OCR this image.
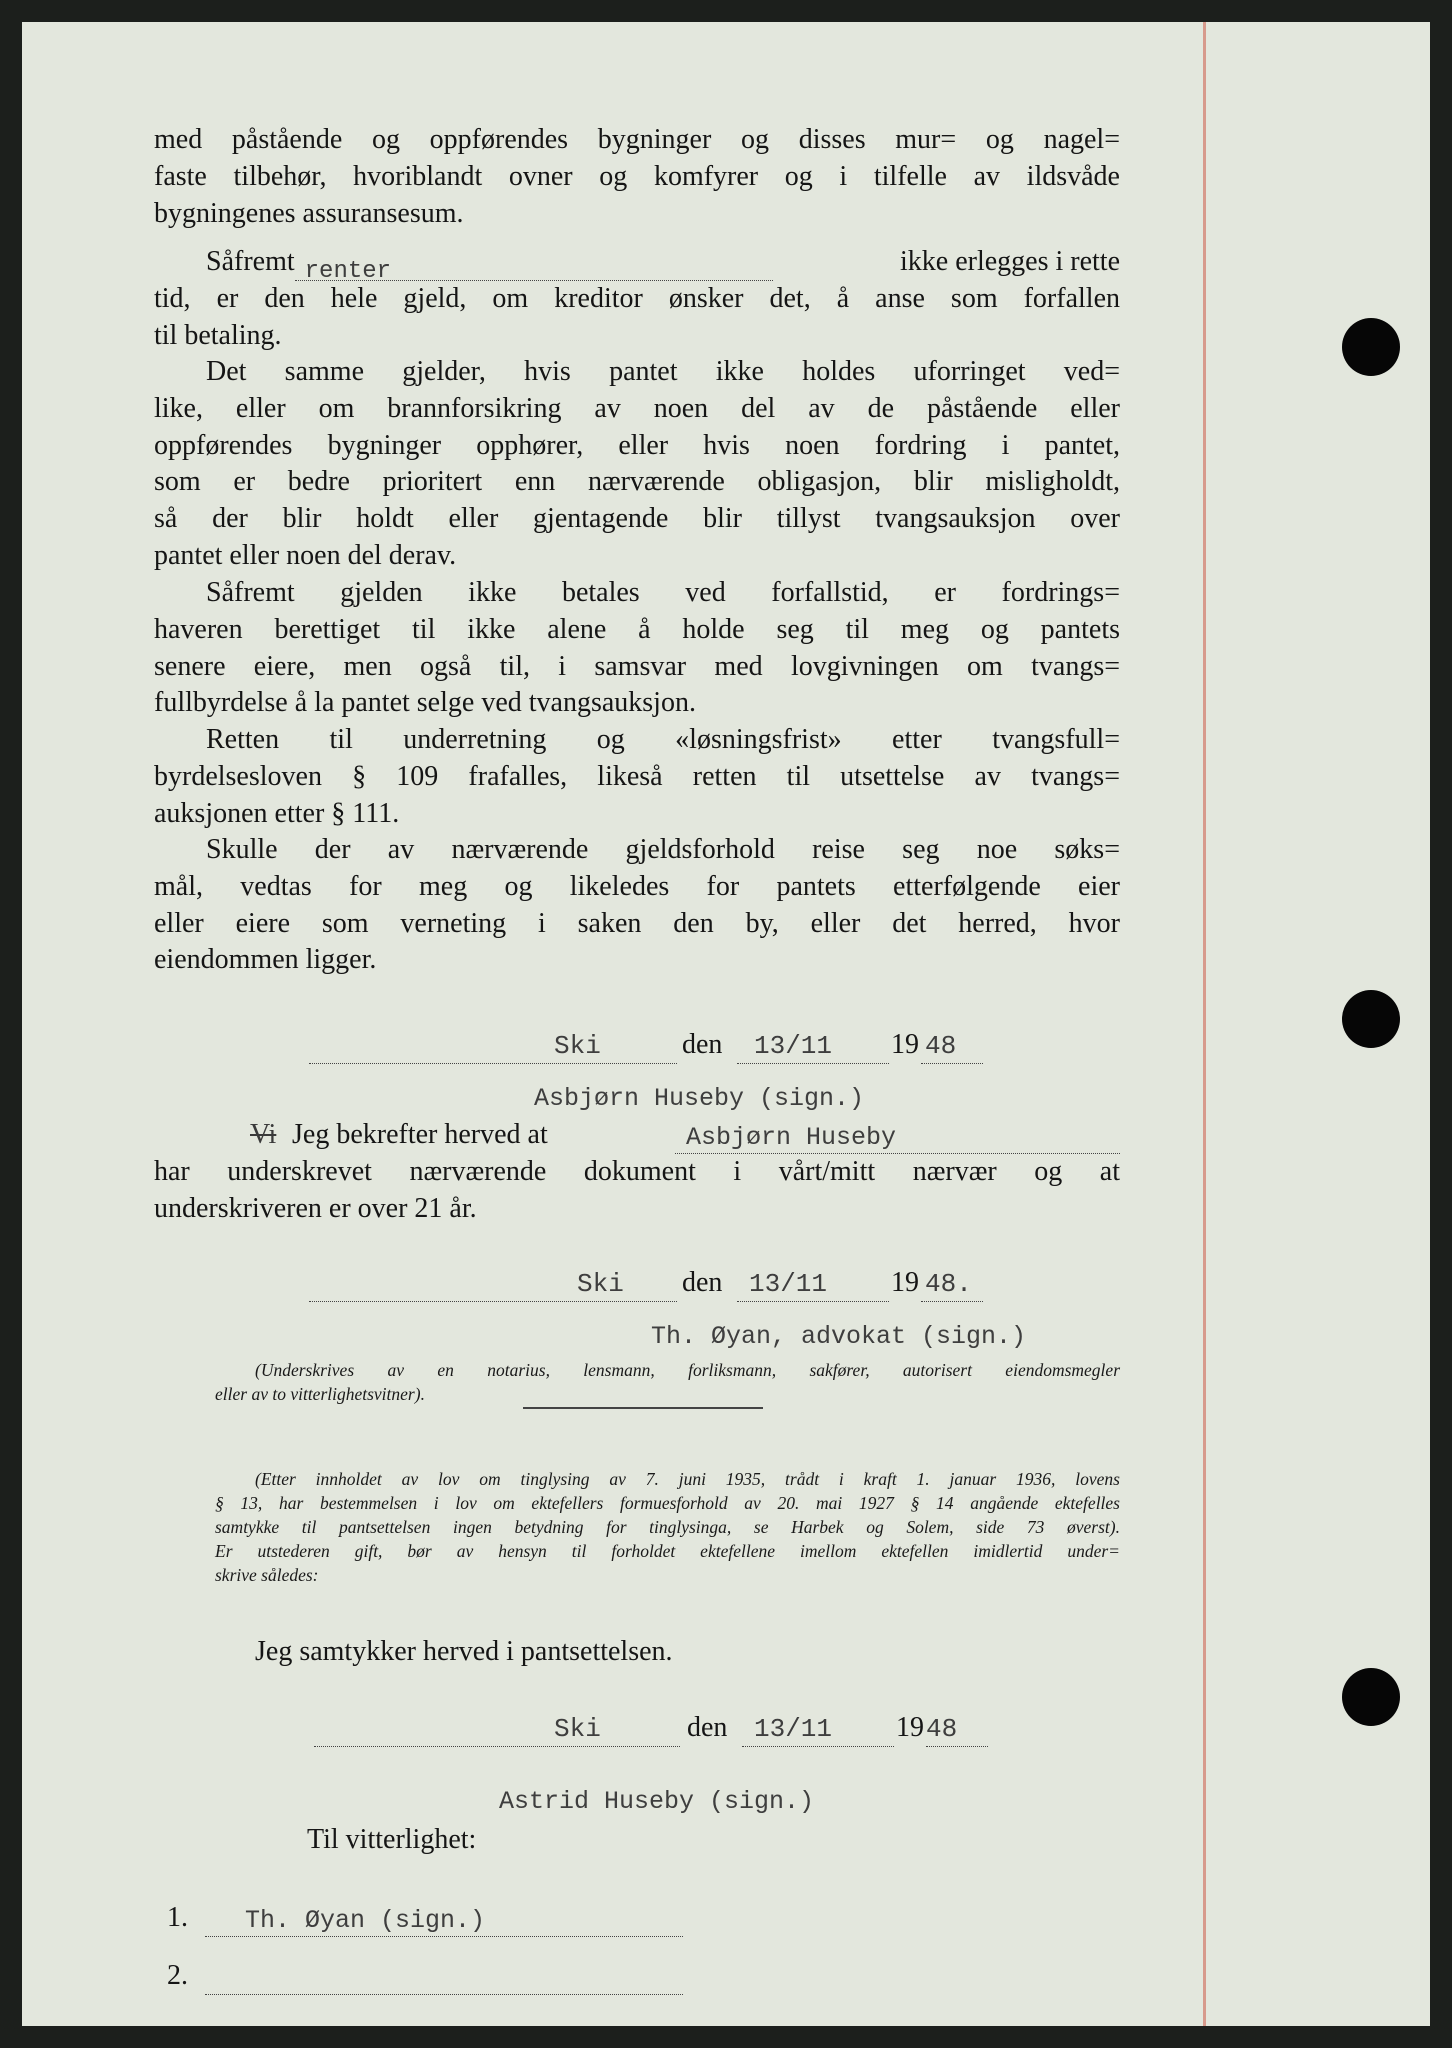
med påstående og oppførendes bygninger og disses mur= og nagel=
faste tilbehør, hvoriblandt ovner og komfyrer og i tilfelle av ildsvåde
bygningenes assuransesum.
Såfremt renter	ikke erlegges i rette
tid, er den hele gjeld, om kreditor ønsker det, å anse som forfallen
til betaling.
Det samme gjelder, hvis pantet ikke holdes uforringet ved=
like, eller om brannforsikring av noen del av de påstående eller
oppførendes bygninger opphører, eller hvis noen fordring i pantet,
som er bedre prioritert enn nærværende obligasjon, blir misligholdt,
så der blir holdt eller gjentagende blir tillyst tvangsauksjon over
pantet eller noen del derav.
Såfremt gjelden ikke betales ved forfallstid, er fordrings=
haveren berettiget til ikke alene å holde seg til meg og pantets
senere eiere, men også til, i samsvar med lovgivningen om tvangs=
fullbyrdelse å la pantet selge ved tvangsauksjon.
Retten til underretning og «løsningsfrist» etter tvangsfull=
byrdelsesloven § 109 frafalles, likeså retten til utsettelse av tvangs=
auksjonen etter § 111.
Skulle der av nærværende gjeldsforhold reise seg noe søks=
mål, vedtas for meg og likeledes for pantets etterfølgende eier
eller eiere som verneting i saken den by, eller det herred, hvor
eiendommen ligger.
Ski	den 13/11 19 48
Asbjørn Huseby (sign.)
Vi Jeg bekrefter herved at	Asbjørn Huseby
har underskrevet nærværende dokument i vårt/mitt nærvær og at
underskriveren er over 21 år.
Ski den 13/11 19 48.
Th. Øyan, advokat (sign.)
(Underskrives av en notarius, lensmann, forliksmann, sakfører, autorisert eiendomsmegler
eller av to vitterlighetsvitner).
(Etter innholdet av lov om tinglysing av 7. juni 1935, trådt i kraft 1. januar 1936, lovens
§ 13, har bestemmelsen i lov om ektefellers formuesforhold av 20. mai 1927 § 14 angående ektefelles
samtykke til pantsettelsen ingen betydning for tinglysinga, se Harbek og Solem, side 73 øverst).
Er utstederen gift, bør av hensyn til forholdet ektefellene imellom ektefellen imidlertid under=
skrive således:
Jeg samtykker herved i pantsettelsen.
Ski	den 13/11 19 48
Astrid Huseby (sign.)
Til vitterlighet:
1. Th. Øyan (sign.)
2.
